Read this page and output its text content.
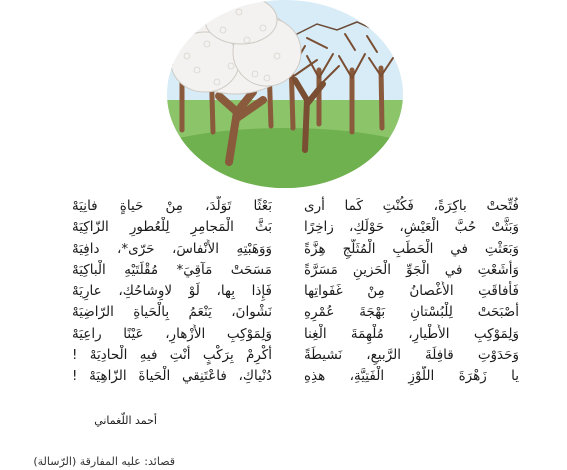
فُتِّحتْ باكِرَةً، فَكُنْتِ كَما أَرى
وَبَثَّتْ حُبَّ الْعَيْشِ، حَوْلَكِ، زاخِرًا
وَبَعَثْتِ في الْحَطَبِ الْمُثَلَّجِ هِزَّةً
وَأَشَعْتِ في الْجَوِّ الْحَزينِ مَسَرَّةً
فَأَفاقَتِ الأَغْصانُ مِنْ غَفَواتِها
أَصْبَحَتْ لِلْبُسْتانِ بَهْجَةَ عُمْرِهِ
وَلِمَوْكِبِ الأَطْيارِ، مُلْهِمَةَ الْغِنا
وَحَدَوْتِ قافِلَةَ الرَّبيعِ، نَشيطَةً
يا زَهْرَةَ اللَّوْزِ الْفَتِيَّةِ، هذِهِ
بَعْثًا تَوَلَّدَ، مِنْ حَياةٍ فانِيَهْ
بَثَّ الْمَجامِرِ لِلْعُطورِ الزّاكِيَهْ
وَوَهَبْتِهِ الأَنْفاسَ، حَرّى*، دافِيَهْ
مَسَحَتْ مَآقِيَ* مُقْلَتَيْهِ الْباكِيَهْ
فَإِذا بِها، لَوْ لاوِشاحُكِ، عارِيَهْ
نَشْوانَ، يَنْعَمُ بِالْحَياةِ الرّاضِيَهْ
وَلِمَوْكِبِ الأَزْهارِ، عَيْنًا راعِيَهْ
أَكْرِمْ بِرَكْبٍ أَنْتِ فيهِ الْحادِيَهْ !
دُنْياكِ، فاعْتَنِقي الْحَياةَ الزّاهِيَهْ !
أحمد اللّغماني
قصائد: عليه المفارقة (الرّسالة)
